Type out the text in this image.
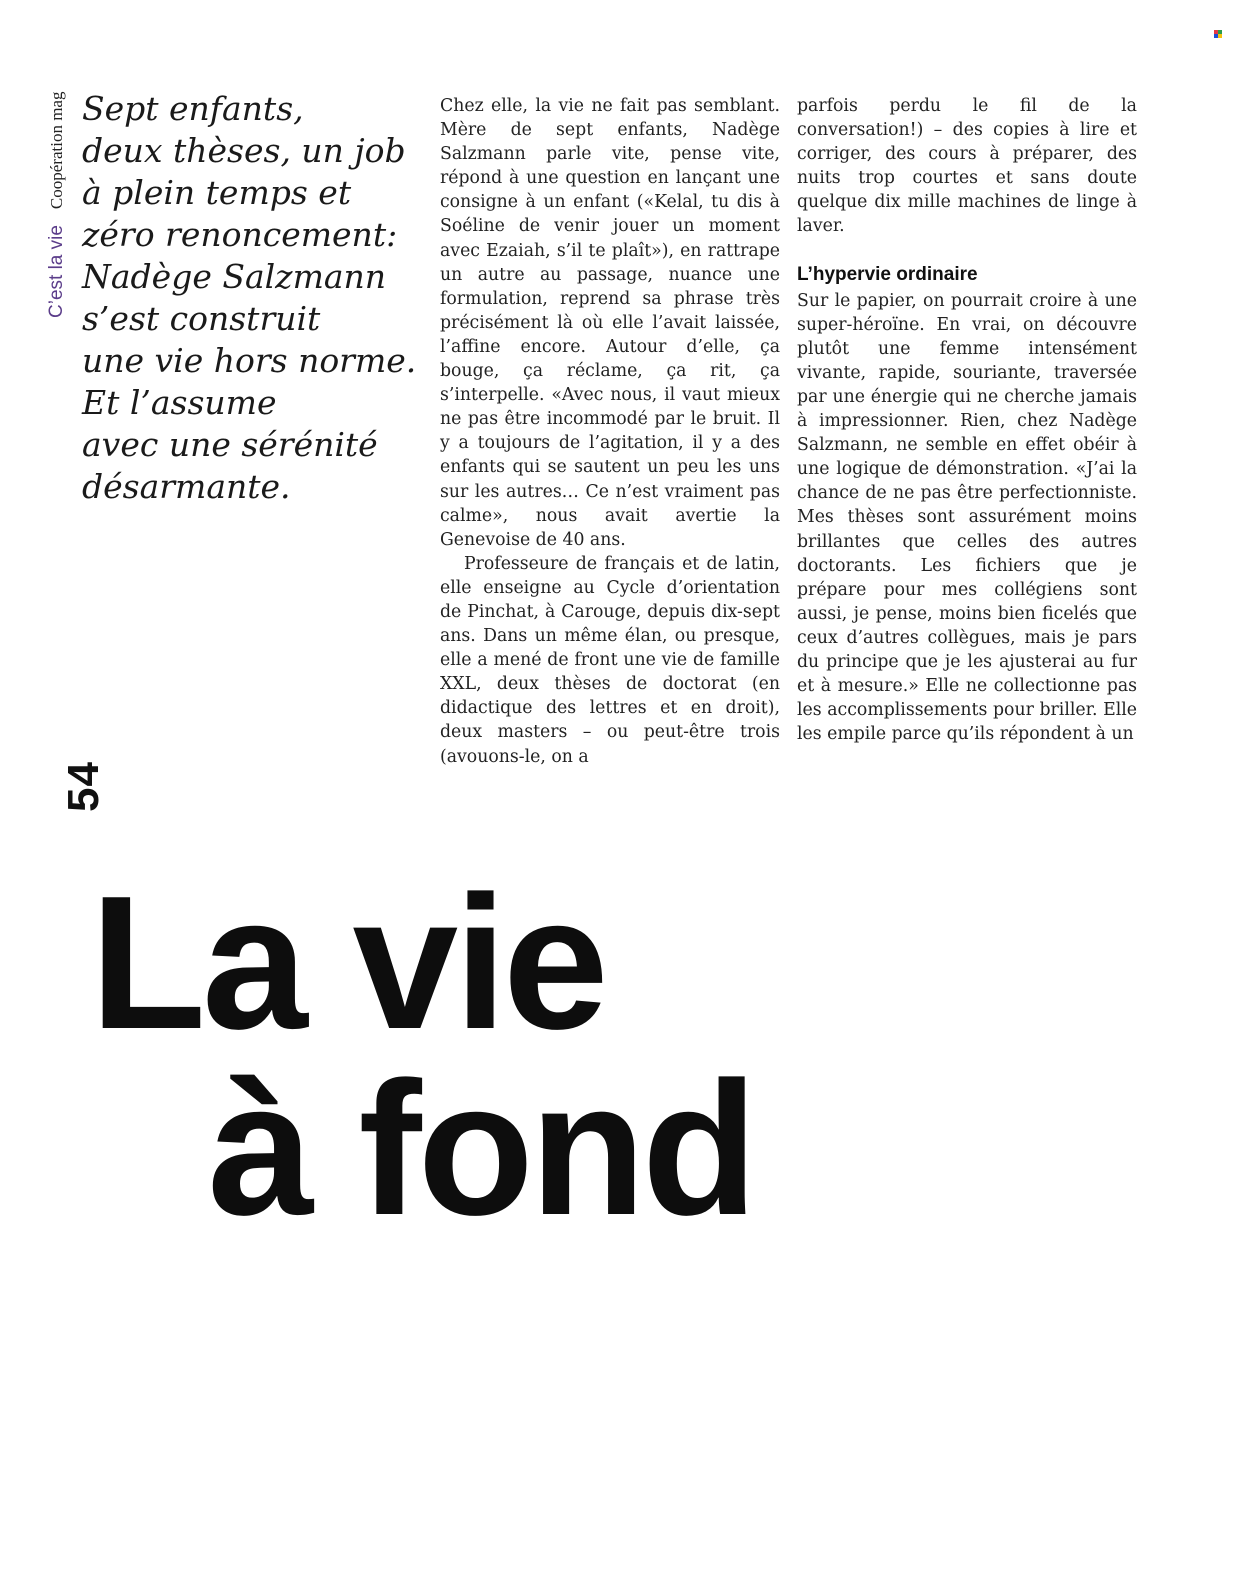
C’est la vie
Coopération mag
54
Sept enfants,
deux thèses, un job
à plein temps et
zéro renoncement:
Nadège Salzmann
s’est construit
une vie hors norme.
Et l’assume
avec une sérénité
désarmante.

Chez elle, la vie ne fait pas semblant. Mère de sept enfants, Nadège Salzmann parle vite, pense vite, répond à une question en lançant une consigne à un enfant («Kelal, tu dis à Soéline de venir jouer un moment avec Ezaiah, s’il te plaît»), en rattrape un autre au passage, nuance une formulation, reprend sa phrase très précisément là où elle l’avait laissée, l’affine encore. Autour d’elle, ça bouge, ça réclame, ça rit, ça s’interpelle. «Avec nous, il vaut mieux ne pas être incommodé par le bruit. Il y a toujours de l’agitation, il y a des enfants qui se sautent un peu les uns sur les autres… Ce n’est vraiment pas calme», nous avait avertie la Genevoise de 40 ans.

Professeure de français et de latin, elle enseigne au Cycle d’orientation de Pinchat, à Carouge, depuis dix-sept ans. Dans un même élan, ou presque, elle a mené de front une vie de famille XXL, deux thèses de doctorat (en didactique des lettres et en droit), deux masters – ou peut-être trois (avouons-le, on a

parfois perdu le fil de la conversation!) – des copies à lire et corriger, des cours à préparer, des nuits trop courtes et sans doute quelque dix mille machines de linge à laver.

L’hypervie ordinaire

Sur le papier, on pourrait croire à une super-héroïne. En vrai, on découvre plutôt une femme intensément vivante, rapide, souriante, traversée par une énergie qui ne cherche jamais à impressionner. Rien, chez Nadège Salzmann, ne semble en effet obéir à une logique de démonstration. «J’ai la chance de ne pas être perfectionniste. Mes thèses sont assurément moins brillantes que celles des autres doctorants. Les fichiers que je prépare pour mes collégiens sont aussi, je pense, moins bien ficelés que ceux d’autres collègues, mais je pars du principe que je les ajusterai au fur et à mesure.» Elle ne collectionne pas les accomplissements pour briller. Elle les empile parce qu’ils répondent à un

La vie
à fond
